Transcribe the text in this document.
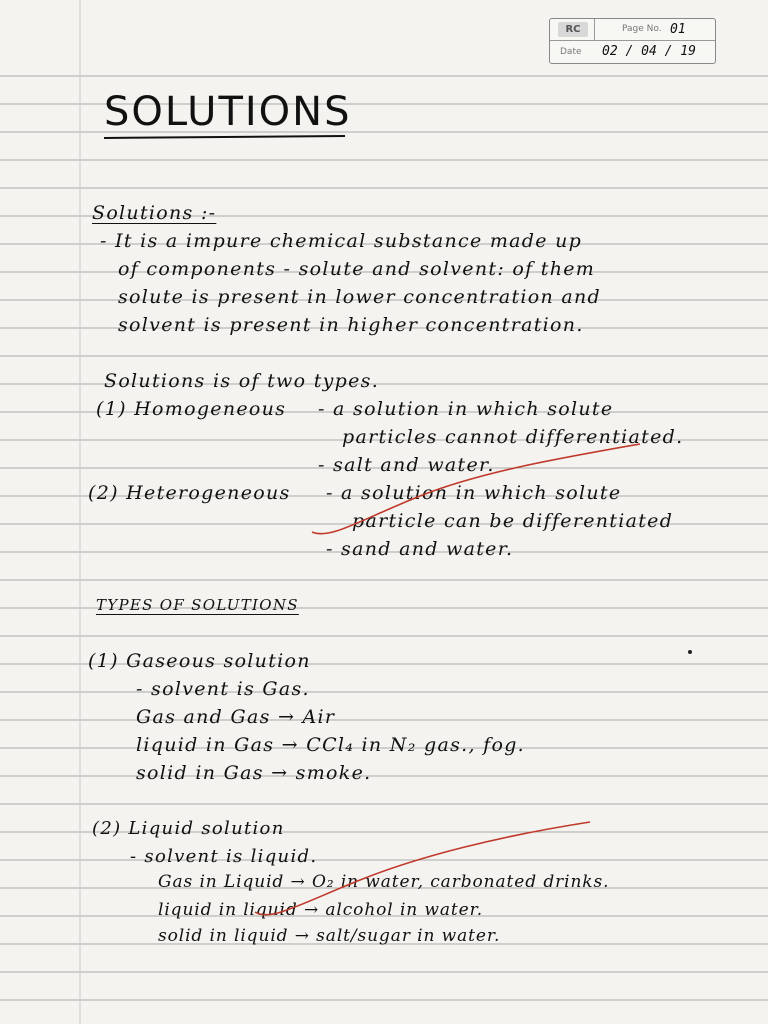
RC	Page No. 01
Date 02 / 04 / 19
SOLUTIONS
Solutions :-
- It is a impure chemical substance made up
of components - solute and solvent: of them
solute is present in lower concentration and
solvent is present in higher concentration.
Solutions is of two types.
(1) Homogeneous - a solution in which solute
particles cannot differentiated.
- salt and water.
(2) Heterogeneous - a solution in which solute
particle can be differentiated
- sand and water.
TYPES OF SOLUTIONS
(1) Gaseous solution
- solvent is Gas.
Gas and Gas → Air
liquid in Gas → CCl₄ in N₂ gas., fog.
solid in Gas → smoke.
(2) Liquid solution
- solvent is liquid.
Gas in Liquid → O₂ in water, carbonated drinks.
liquid in liquid → alcohol in water.
solid in liquid → salt/sugar in water.
